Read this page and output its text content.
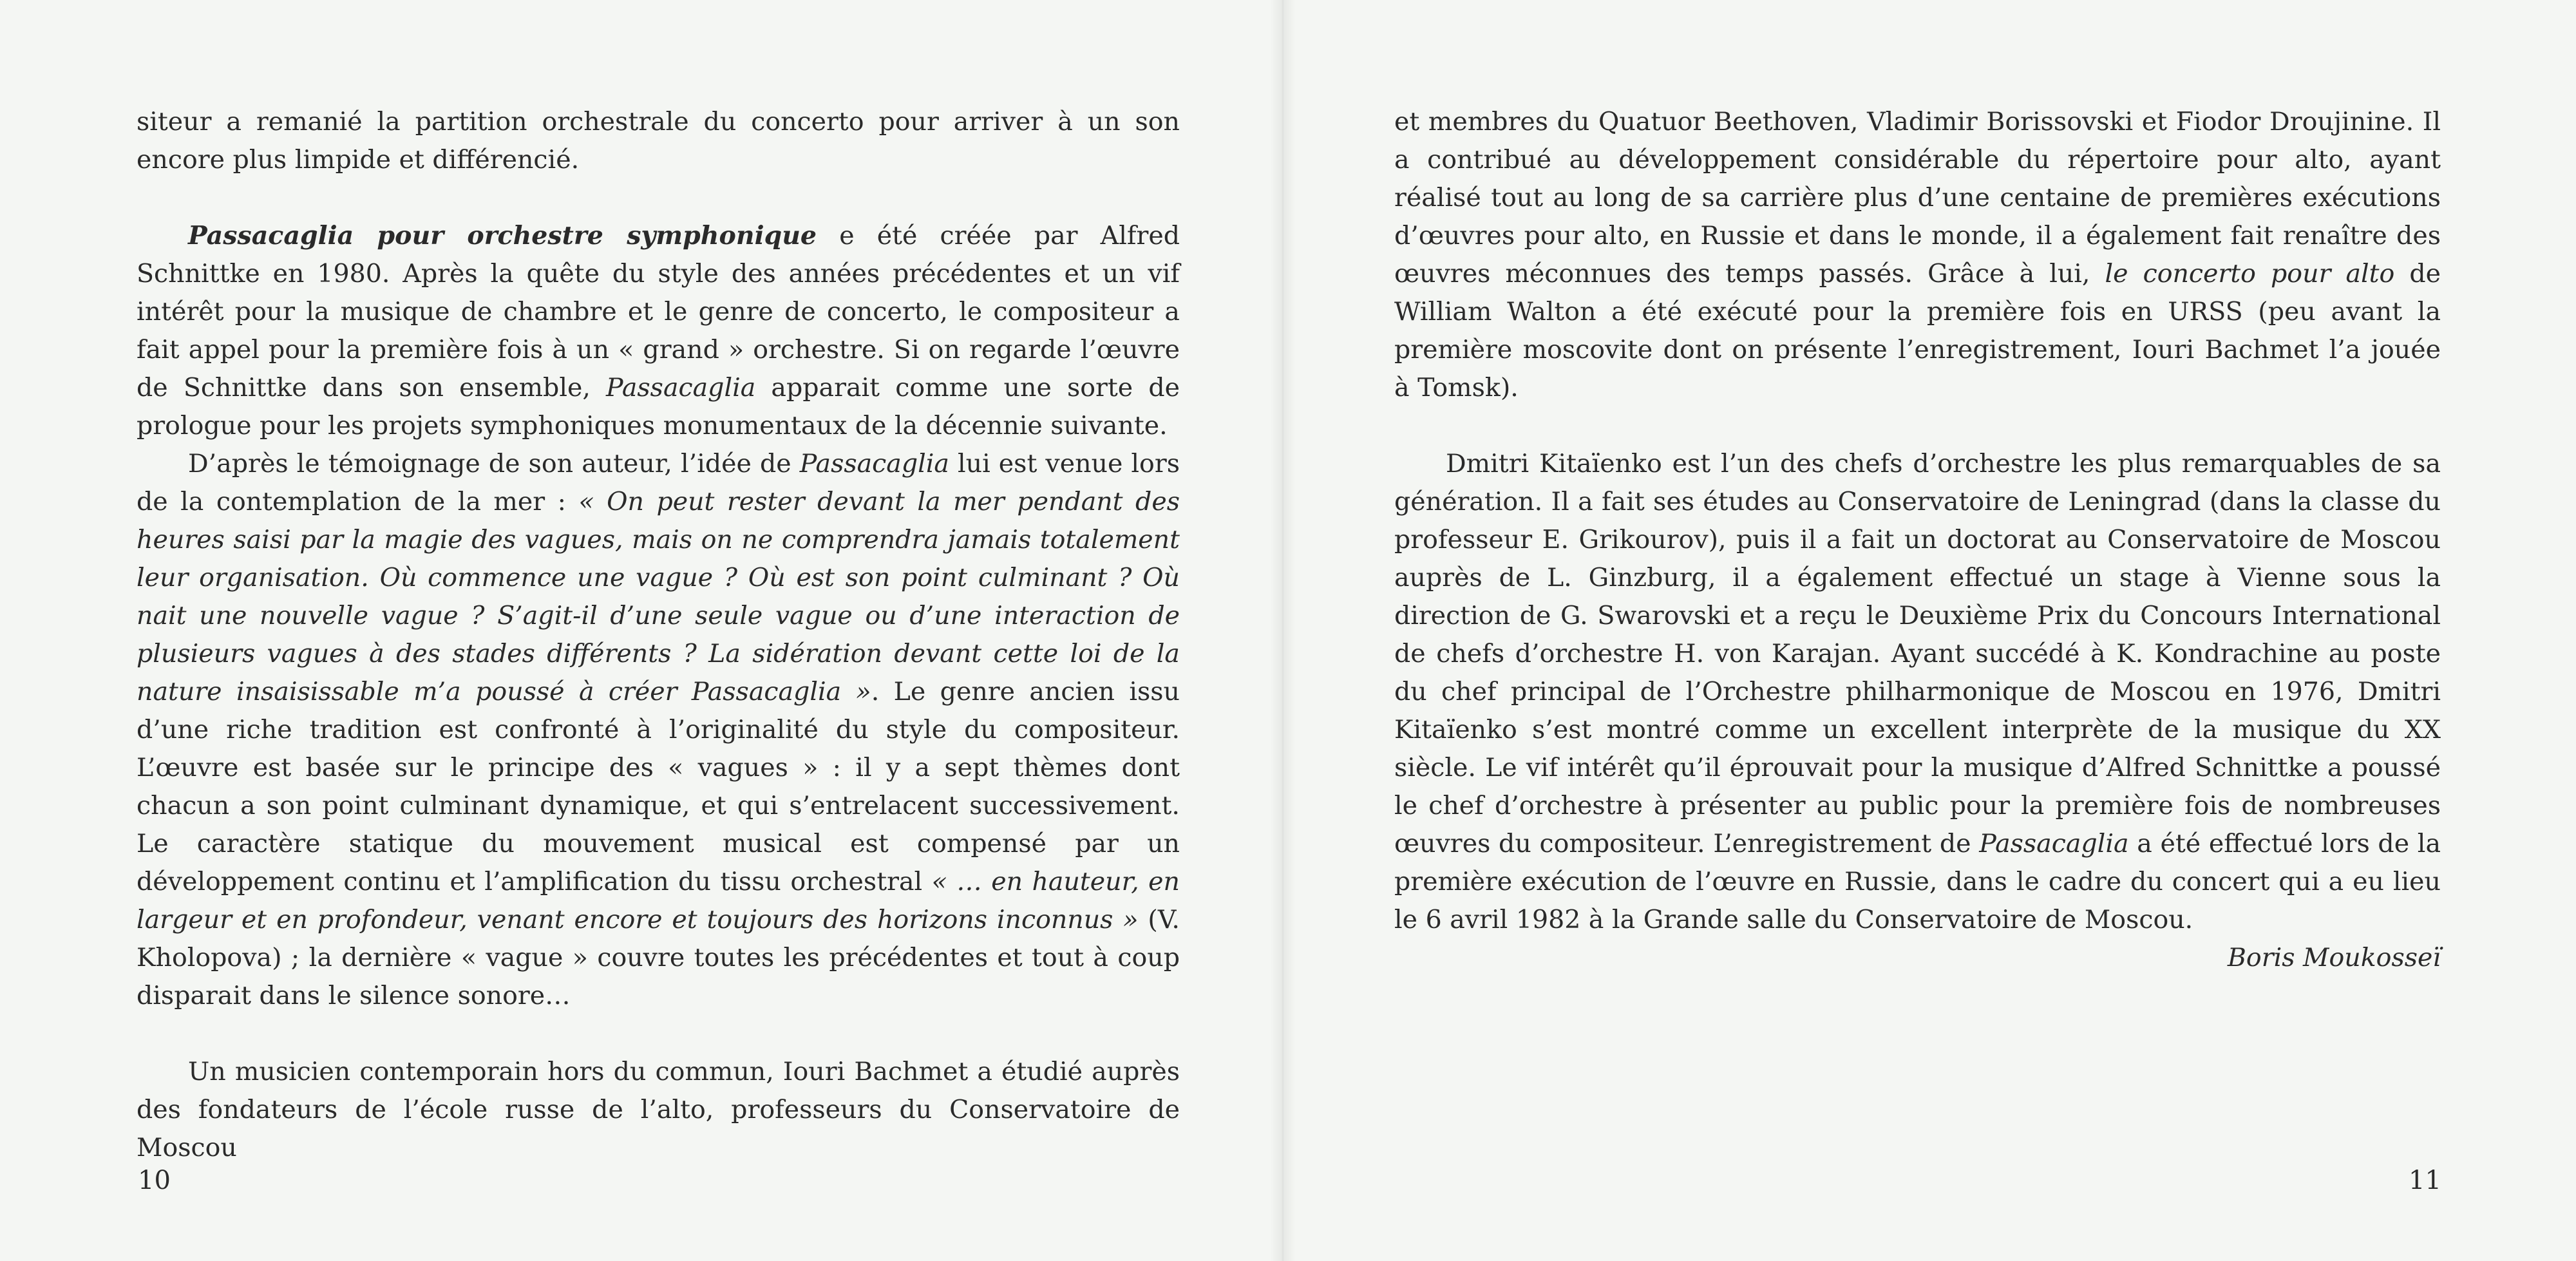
siteur a remanié la partition orchestrale du concerto pour arriver à un son encore plus limpide et différencié.

Passacaglia pour orchestre symphonique e été créée par Alfred Schnittke en 1980. Après la quête du style des années précédentes et un vif intérêt pour la musique de chambre et le genre de concerto, le compositeur a fait appel pour la première fois à un « grand » orchestre. Si on regarde l’œuvre de Schnittke dans son ensemble, Passacaglia apparait comme une sorte de prologue pour les projets symphoniques monumentaux de la décennie suivante.

D’après le témoignage de son auteur, l’idée de Passacaglia lui est venue lors de la contemplation de la mer : « On peut rester devant la mer pendant des heures saisi par la magie des vagues, mais on ne comprendra jamais totalement leur organisation. Où commence une vague ? Où est son point culminant ? Où nait une nouvelle vague ? S’agit-il d’une seule vague ou d’une interaction de plusieurs vagues à des stades différents ? La sidération devant cette loi de la nature insaisissable m’a poussé à créer Passacaglia ». Le genre ancien issu d’une riche tradition est confronté à l’originalité du style du compositeur. L’œuvre est basée sur le principe des « vagues » : il y a sept thèmes dont chacun a son point culminant dynamique, et qui s’entrelacent successivement. Le caractère statique du mouvement musical est compensé par un développement continu et l’amplification du tissu orchestral « … en hauteur, en largeur et en profondeur, venant encore et toujours des horizons inconnus » (V. Kholopova) ; la dernière « vague » couvre toutes les précédentes et tout à coup disparait dans le silence sonore…

Un musicien contemporain hors du commun, Iouri Bachmet a étudié auprès des fondateurs de l’école russe de l’alto, professeurs du Conservatoire de Moscou

10

et membres du Quatuor Beethoven, Vladimir Borissovski et Fiodor Droujinine. Il a contribué au développement considérable du répertoire pour alto, ayant réalisé tout au long de sa carrière plus d’une centaine de premières exécutions d’œuvres pour alto, en Russie et dans le monde, il a également fait renaître des œuvres méconnues des temps passés. Grâce à lui, le concerto pour alto de William Walton a été exécuté pour la première fois en URSS (peu avant la première moscovite dont on présente l’enregistrement, Iouri Bachmet l’a jouée à Tomsk).

Dmitri Kitaïenko est l’un des chefs d’orchestre les plus remarquables de sa génération. Il a fait ses études au Conservatoire de Leningrad (dans la classe du professeur E. Grikourov), puis il a fait un doctorat au Conservatoire de Moscou auprès de L. Ginzburg, il a également effectué un stage à Vienne sous la direction de G. Swarovski et a reçu le Deuxième Prix du Concours International de chefs d’orchestre H. von Karajan. Ayant succédé à K. Kondrachine au poste du chef principal de l’Orchestre philharmonique de Moscou en 1976, Dmitri Kitaïenko s’est montré comme un excellent interprète de la musique du XX siècle. Le vif intérêt qu’il éprouvait pour la musique d’Alfred Schnittke a poussé le chef d’orchestre à présenter au public pour la première fois de nombreuses œuvres du compositeur. L’enregistrement de Passacaglia a été effectué lors de la première exécution de l’œuvre en Russie, dans le cadre du concert qui a eu lieu le 6 avril 1982 à la Grande salle du Conservatoire de Moscou.

Boris Moukosseï

11
